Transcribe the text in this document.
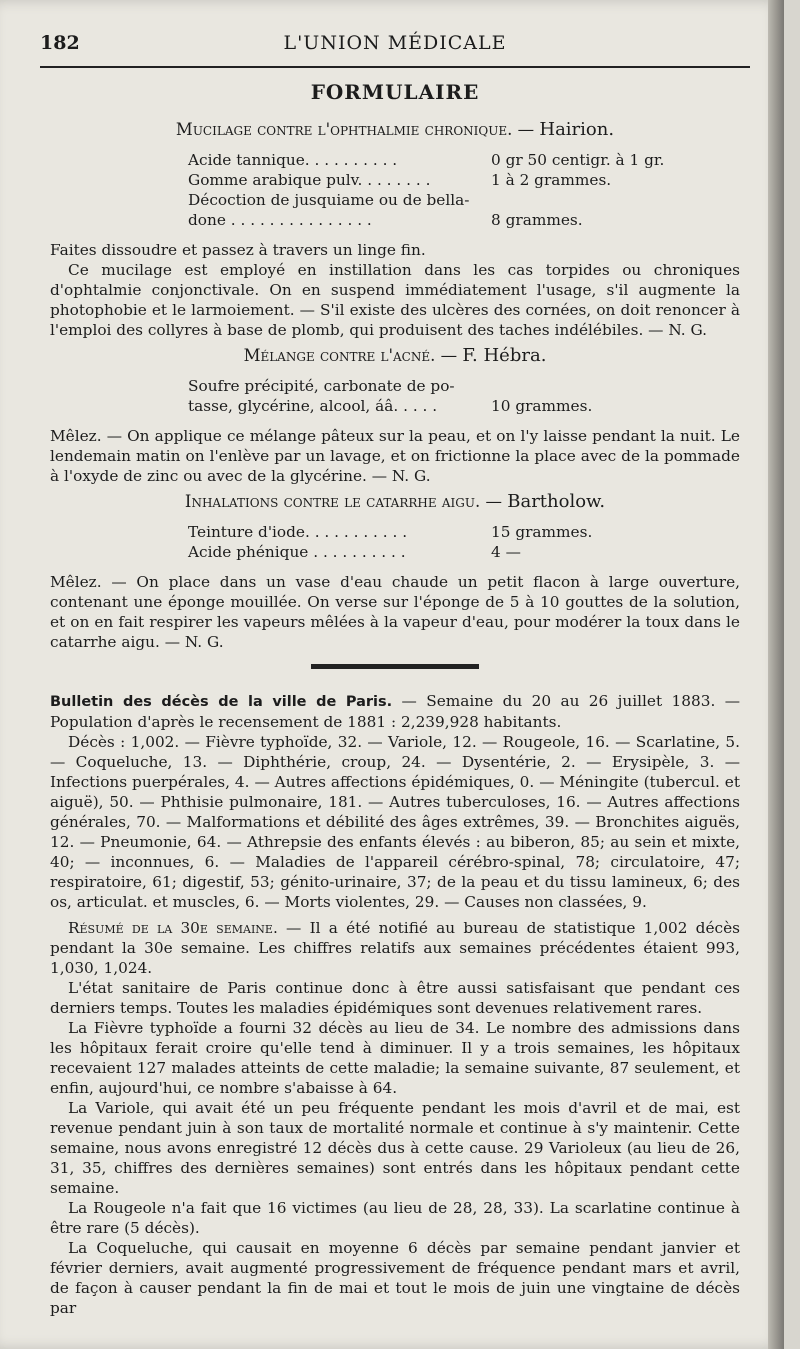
182	L'UNION MÉDICALE
FORMULAIRE
Mucilage contre l'ophthalmie chronique. — Hairion.
Acide tannique. . . . . . . . . .	0 gr 50 centigr. à 1 gr.
Gomme arabique pulv. . . . . . . .	1 à 2 grammes.
Décoction de jusquiame ou de bella-
done . . . . . . . . . . . . . . .	8 grammes.

Faites dissoudre et passez à travers un linge fin.

Ce mucilage est employé en instillation dans les cas torpides ou chroniques d'ophtalmie conjonctivale. On en suspend immédiatement l'usage, s'il augmente la photophobie et le larmoiement. — S'il existe des ulcères des cornées, on doit renoncer à l'emploi des collyres à base de plomb, qui produisent des taches indélébiles. — N. G.

Mélange contre l'acné. — F. Hébra.
Soufre précipité, carbonate de po-
tasse, glycérine, alcool, áâ. . . . .	10 grammes.

Mêlez. — On applique ce mélange pâteux sur la peau, et on l'y laisse pendant la nuit. Le lendemain matin on l'enlève par un lavage, et on frictionne la place avec de la pommade à l'oxyde de zinc ou avec de la glycérine. — N. G.

Inhalations contre le catarrhe aigu. — Bartholow.
Teinture d'iode. . . . . . . . . . .	15 grammes.
Acide phénique . . . . . . . . . .	4 —

Mêlez. — On place dans un vase d'eau chaude un petit flacon à large ouverture, contenant une éponge mouillée. On verse sur l'éponge de 5 à 10 gouttes de la solution, et on en fait respirer les vapeurs mêlées à la vapeur d'eau, pour modérer la toux dans le catarrhe aigu. — N. G.

Bulletin des décès de la ville de Paris. — Semaine du 20 au 26 juillet 1883. — Population d'après le recensement de 1881 : 2,239,928 habitants.

Décès : 1,002. — Fièvre typhoïde, 32. — Variole, 12. — Rougeole, 16. — Scarlatine, 5. — Coqueluche, 13. — Diphthérie, croup, 24. — Dysentérie, 2. — Erysipèle, 3. — Infections puerpérales, 4. — Autres affections épidémiques, 0. — Méningite (tubercul. et aiguë), 50. — Phthisie pulmonaire, 181. — Autres tuberculoses, 16. — Autres affections générales, 70. — Malformations et débilité des âges extrêmes, 39. — Bronchites aiguës, 12. — Pneumonie, 64. — Athrepsie des enfants élevés : au biberon, 85; au sein et mixte, 40; — inconnues, 6. — Maladies de l'appareil cérébro-spinal, 78; circulatoire, 47; respiratoire, 61; digestif, 53; génito-urinaire, 37; de la peau et du tissu lamineux, 6; des os, articulat. et muscles, 6. — Morts violentes, 29. — Causes non classées, 9.

Résumé de la 30e semaine. — Il a été notifié au bureau de statistique 1,002 décès pendant la 30e semaine. Les chiffres relatifs aux semaines précédentes étaient 993, 1,030, 1,024.

L'état sanitaire de Paris continue donc à être aussi satisfaisant que pendant ces derniers temps. Toutes les maladies épidémiques sont devenues relativement rares.

La Fièvre typhoïde a fourni 32 décès au lieu de 34. Le nombre des admissions dans les hôpitaux ferait croire qu'elle tend à diminuer. Il y a trois semaines, les hôpitaux recevaient 127 malades atteints de cette maladie; la semaine suivante, 87 seulement, et enfin, aujourd'hui, ce nombre s'abaisse à 64.

La Variole, qui avait été un peu fréquente pendant les mois d'avril et de mai, est revenue pendant juin à son taux de mortalité normale et continue à s'y maintenir. Cette semaine, nous avons enregistré 12 décès dus à cette cause. 29 Varioleux (au lieu de 26, 31, 35, chiffres des dernières semaines) sont entrés dans les hôpitaux pendant cette semaine.

La Rougeole n'a fait que 16 victimes (au lieu de 28, 28, 33). La scarlatine continue à être rare (5 décès).

La Coqueluche, qui causait en moyenne 6 décès par semaine pendant janvier et février derniers, avait augmenté progressivement de fréquence pendant mars et avril, de façon à causer pendant la fin de mai et tout le mois de juin une vingtaine de décès par
